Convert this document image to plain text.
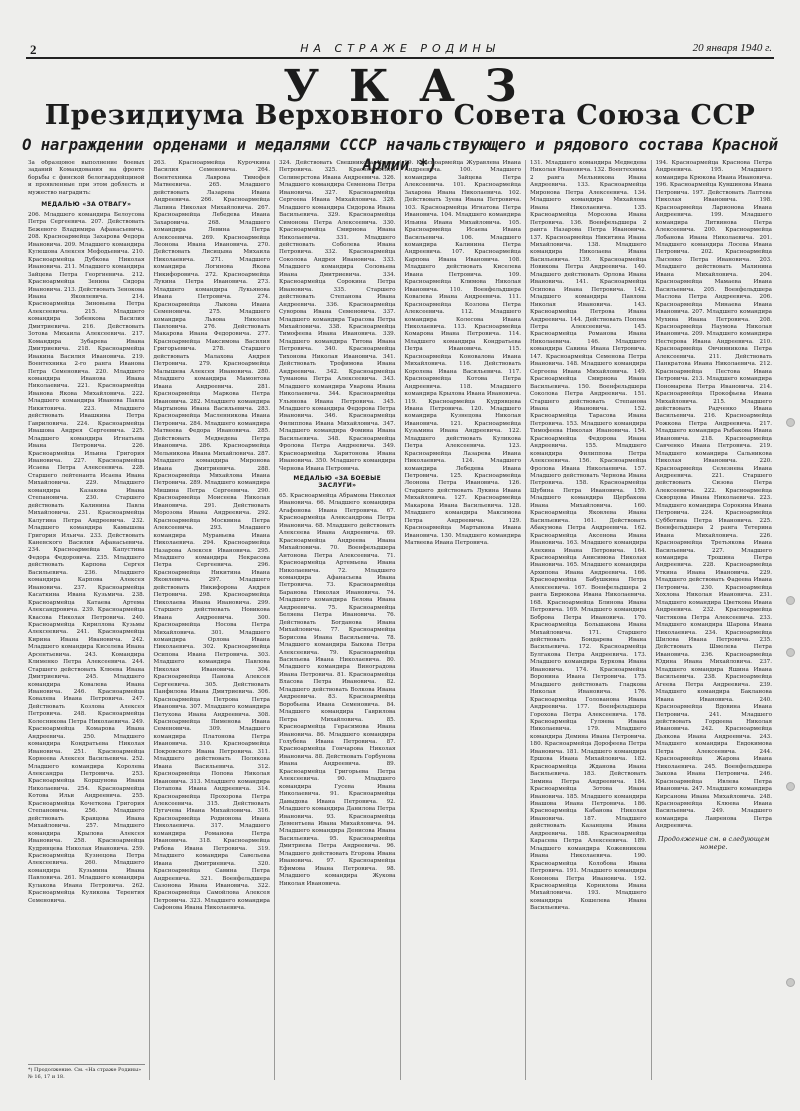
2	НА СТРАЖЕ РОДИНЫ	20 января 1940 г.
УКАЗ
Президиума Верховного Совета Союза ССР
О награждении орденами и медалями СССР начальствующего и рядового состава Красной Армии *)
За образцовое выполнение боевых заданий Командования на фронте борьбы с финской белогвардейщиной и проявленные при этом доблесть и мужество наградить:
МЕДАЛЬЮ «ЗА ОТВАГУ»
206. Младшего командира Белоусова Петра Сергеевича. 207. Действовать Бежевого Владимира Афанасьевича. 208. Красноармейца Захарова Федора Ивановича. 209. Младшего командира Кулешова Алексея Мефодьевича. 210. Красноармейца Дубкова Николая Ивановича. 211. Младшего командира Зайцева Петра Георгиевича. 212. Красноармейца Зенина Сидора Ивановича. 213. Действовать Зенокова Ивана Яковлевича. 214. Красноармейца Зиновьева Петра Алексеевича. 215. Младшего командира Зобенкова Василия Дмитриевича. 216. Действовать Зотова Михаила Алексеевича. 217. Командира Зубарева Ивана Дмитриевича. 218. Красноармейца Ивакина Василия Ивановича. 219. Воентехника 2-го ранга Иванова Петра Семеновича. 220. Младшего командира Иванова Ивана Николаевича. 221. Красноармейца Иванова Якова Михайловича. 222. Младшего командира Иванова Павла Никитовича. 223. Младшего действовать Ивашкина Петра Гавриловича. 224. Красноармейца Ивашова Андрея Сергеевича. 225. Младшего командира Игнатьева Ивана Петровича. 226. Красноармейца Ильина Григория Ивановича. 227. Красноармейца Исаева Петра Алексеевича. 228. Старшего лейтенанта Исаева Ивана Михайловича. 229. Младшего командира Казакова Ивана Степановича. 230. Старшего действовать Калинина Павла Михайловича. 231. Красноармейца Калугина Петра Андреевича. 232. Младшего командира Камышева Григория Ильича. 233. Действовать Каневского Василия Афанасьевича. 234. Красноармейца Капустина Федора Федоровича. 235. Младшего действовать Карпова Сергея Васильевича. 236. Младшего командира Карпова Алексея Ивановича. 237. Красноармейца Касаткина Ивана Кузьмича. 238. Красноармейца Катаева Артема Александровича. 239. Красноармейца Квасова Николая Петровича. 240. Красноармейца Кириллова Кузьмы Алексеевича. 241. Красноармейца Кирина Ивана Ивановича. 242. Младшего командира Киселева Ивана Арсентьевича. 243. Командира Клименко Петра Алексеевича. 244. Старшего действовать Клюева Ивана Дмитриевича. 245. Младшего командира Ковалева Ивана Ивановича. 246. Красноармейца Ковалева Ивана Петровича. 247. Действовать Козлова Алексея Петровича. 248. Красноармейца Колесникова Петра Николаевича. 249. Красноармейца Комарова Ивана Андреевича. 250. Младшего командира Кондратьева Николая Ивановича. 251. Красноармейца Корнеева Алексея Васильевича. 252. Младшего командира Королева Александра Петровича. 253. Красноармейца Коршунова Ивана Николаевича. 254. Красноармейца Котова Ильи Андреевича. 255. Красноармейца Кочеткова Григория Степановича. 256. Младшего действовать Кравцова Ивана Михайловича. 257. Младшего командира Крылова Алексея Ивановича. 258. Красноармейца Кудрявцева Николая Ивановича. 259. Красноармейца Кузнецова Петра Алексеевича. 260. Младшего командира Кузьмина Ивана Павловича. 261. Младшего командира Кулакова Ивана Петровича. 262. Красноармейца Куликова Терентия Семеновича.
*) Продолжение. См. «На страже Родины» № 16, 17 и 18.
263. Красноармейца Курочкина Василия Семеновича. 264. Воентехника Лаврова Тимофея Матвеевича. 265. Младшего действовать Лазарева Ивана Андреевича. 266. Красноармейца Лапина Николая Михайловича. 267. Красноармейца Лебедева Ивана Захаровича. 268. Младшего командира Левина Петра Алексеевича. 269. Красноармейца Леонова Ивана Ивановича. 270. Действовать Лисицына Михаила Николаевича. 271. Младшего командира Логинова Якова Никифоровича. 272. Красноармейца Лукина Петра Ивановича. 273. Младшего командира Лукьянова Ивана Петровича. 274. Красноармейца Лыкова Ивана Семеновича. 275. Младшего командира Львова Николая Павловича. 276. Действовать Макарова Ивана Федоровича. 277. Красноармейца Максимова Василия Григорьевича. 278. Старшего действовать Малахова Андрея Петровича. 279. Красноармейца Малышева Алексея Ивановича. 280. Младшего командира Мамонтова Ивана Андреевича. 281. Красноармейца Маркова Петра Ивановича. 282. Младшего командира Мартынова Ивана Васильевича. 283. Красноармейца Масленникова Ивана Петровича. 284. Младшего командира Матвеева Федора Ивановича. 285. Действовать Медведева Петра Ивановича. 286. Красноармейца Мельникова Ивана Михайловича. 287. Младшего командира Миронова Ивана Дмитриевича. 288. Красноармейца Михайлова Ивана Петровича. 289. Младшего командира Мишина Петра Сергеевича. 290. Красноармейца Моисеева Николая Ивановича. 291. Действовать Морозова Ивана Андреевича. 292. Красноармейца Москвина Петра Алексеевича. 293. Младшего командира Муравьева Ивана Николаевича. 294. Красноармейца Назарова Алексея Ивановича. 295. Младшего командира Некрасова Петра Сергеевича. 296. Красноармейца Никитина Ивана Яковлевича. 297. Младшего действовать Никифорова Андрея Петровича. 298. Красноармейца Николаева Ивана Ивановича. 299. Старшего действовать Новикова Ивана Андреевича. 300. Красноармейца Носова Петра Михайловича. 301. Младшего командира Орлова Ивана Николаевича. 302. Красноармейца Осипова Ивана Петровича. 303. Младшего командира Павлова Николая Ивановича. 304. Красноармейца Панова Алексея Сергеевича. 305. Действовать Панфилова Ивана Дмитриевича. 306. Красноармейца Петрова Петра Ивановича. 307. Младшего командира Петухова Ивана Андреевича. 308. Красноармейца Пименова Ивана Семеновича. 309. Младшего командира Платонова Петра Ивановича. 310. Красноармейца Покровского Ивана Петровича. 311. Младшего действовать Полякова Ивана Васильевича. 312. Красноармейца Попова Николая Ивановича. 313. Младшего командира Потапова Ивана Андреевича. 314. Красноармейца Прохорова Петра Алексеевича. 315. Действовать Пугачева Ивана Михайловича. 316. Красноармейца Родионова Ивана Николаевича. 317. Младшего командира Романова Петра Ивановича. 318. Красноармейца Рябова Ивана Петровича. 319. Младшего командира Савельева Ивана Дмитриевича. 320. Красноармейца Савина Петра Андреевича. 321. Военфельдшера Сазонова Ивана Ивановича. 322. Красноармейца Самойлова Алексея Петровича. 323. Младшего командира Сафонова Ивана Николаевича.
324. Действовать Свешникова Ивана Петровича. 325. Красноармейца Селиверстова Ивана Андреевича. 326. Младшего командира Семенова Петра Ивановича. 327. Красноармейца Сергеева Ивана Михайловича. 328. Младшего командира Сидорова Ивана Васильевича. 329. Красноармейца Симонова Петра Алексеевича. 330. Красноармейца Смирнова Ивана Николаевича. 331. Младшего действовать Соболева Ивана Петровича. 332. Красноармейца Соколова Андрея Ивановича. 333. Младшего командира Соловьева Ивана Дмитриевича. 334. Красноармейца Сорокина Петра Ивановича. 335. Старшего действовать Степанова Ивана Андреевича. 336. Красноармейца Суворова Ивана Семеновича. 337. Младшего командира Тарасова Петра Михайловича. 338. Красноармейца Тимофеева Ивана Ивановича. 339. Младшего командира Титова Ивана Петровича. 340. Красноармейца Тихонова Николая Ивановича. 341. Действовать Трофимова Ивана Андреевича. 342. Красноармейца Туманова Петра Алексеевича. 343. Младшего командира Уварова Ивана Николаевича. 344. Красноармейца Ульянова Ивана Петровича. 345. Младшего командира Федорова Петра Ивановича. 346. Красноармейца Филиппова Ивана Михайловича. 347. Младшего командира Фомина Ивана Васильевича. 348. Красноармейца Фролова Петра Андреевича. 349. Красноармейца Харитонова Ивана Ивановича. 350. Младшего командира Чернова Ивана Петровича.
МЕДАЛЬЮ «ЗА БОЕВЫЕ ЗАСЛУГИ»
65. Красноармейца Абрамова Николая Ивановича. 66. Младшего командира Агафонова Ивана Петровича. 67. Красноармейца Александрова Петра Ивановича. 68. Младшего действовать Алексеева Ивана Андреевича. 69. Красноармейца Андреева Ивана Михайловича. 70. Военфельдшера Антонова Петра Алексеевича. 71. Красноармейца Артемьева Ивана Николаевича. 72. Младшего командира Афанасьева Ивана Петровича. 73. Красноармейца Баранова Николая Ивановича. 74. Младшего командира Белова Ивана Андреевича. 75. Красноармейца Беляева Петра Ивановича. 76. Действовать Богданова Ивана Михайловича. 77. Красноармейца Борисова Ивана Васильевича. 78. Младшего командира Быкова Петра Алексеевича. 79. Красноармейца Васильева Ивана Николаевича. 80. Младшего командира Виноградова Ивана Петровича. 81. Красноармейца Власова Петра Ивановича. 82. Младшего действовать Волкова Ивана Андреевича. 83. Красноармейца Воробьева Ивана Семеновича. 84. Младшего командира Гаврилова Петра Михайловича. 85. Красноармейца Герасимова Ивана Ивановича. 86. Младшего командира Голубева Ивана Петровича. 87. Красноармейца Гончарова Николая Ивановича. 88. Действовать Горбунова Ивана Андреевича. 89. Красноармейца Григорьева Петра Алексеевича. 90. Младшего командира Гусева Ивана Николаевича. 91. Красноармейца Давыдова Ивана Петровича. 92. Младшего командира Данилова Петра Ивановича. 93. Красноармейца Дементьева Ивана Михайловича. 94. Младшего командира Денисова Ивана Васильевича. 95. Красноармейца Дмитриева Петра Андреевича. 96. Младшего действовать Егорова Ивана Ивановича. 97. Красноармейца Ефимова Ивана Петровича. 98. Младшего командира Жукова Николая Ивановича.
99. Красноармейца Журавлева Ивана Андреевича. 100. Младшего командира Зайцева Петра Алексеевича. 101. Красноармейца Захарова Ивана Николаевича. 102. Действовать Зуева Ивана Петровича. 103. Красноармейца Игнатова Петра Ивановича. 104. Младшего командира Ильина Ивана Михайловича. 105. Красноармейца Исаева Ивана Васильевича. 106. Младшего командира Калинина Петра Андреевича. 107. Красноармейца Карпова Ивана Ивановича. 108. Младшего действовать Киселева Ивана Петровича. 109. Красноармейца Климова Николая Ивановича. 110. Военфельдшера Ковалева Ивана Андреевича. 111. Красноармейца Козлова Петра Алексеевича. 112. Младшего командира Колесова Ивана Николаевича. 113. Красноармейца Комарова Ивана Петровича. 114. Младшего командира Кондратьева Петра Ивановича. 115. Красноармейца Коновалова Ивана Михайловича. 116. Действовать Королева Ивана Васильевича. 117. Красноармейца Котова Петра Андреевича. 118. Младшего командира Крылова Ивана Ивановича. 119. Красноармейца Кудрявцева Ивана Петровича. 120. Младшего командира Кузнецова Николая Ивановича. 121. Красноармейца Кузьмина Ивана Андреевича. 122. Младшего действовать Куликова Петра Алексеевича. 123. Красноармейца Лазарева Ивана Николаевича. 124. Младшего командира Лебедева Ивана Петровича. 125. Красноармейца Леонова Петра Ивановича. 126. Старшего действовать Лукина Ивана Михайловича. 127. Красноармейца Макарова Ивана Васильевича. 128. Младшего командира Максимова Петра Андреевича. 129. Красноармейца Мартынова Ивана Ивановича. 130. Младшего командира Матвеева Ивана Петровича.
131. Младшего командира Медведева Николая Ивановича. 132. Воентехника 2 ранга Мельникова Ивана Андреевича. 133. Красноармейца Миронова Петра Алексеевича. 134. Младшего командира Михайлова Ивана Николаевича. 135. Красноармейца Морозова Ивана Петровича. 136. Военфельдшера 2 ранга Назарова Петра Ивановича. 137. Красноармейца Никитина Ивана Михайловича. 138. Младшего командира Николаева Ивана Васильевича. 139. Красноармейца Новикова Петра Андреевича. 140. Младшего действовать Орлова Ивана Ивановича. 141. Красноармейца Осипова Ивана Петровича. 142. Младшего командира Павлова Николая Ивановича. 143. Красноармейца Петрова Ивана Андреевича. 144. Действовать Попова Петра Алексеевича. 145. Красноармейца Романова Ивана Николаевича. 146. Младшего командира Савина Ивана Петровича. 147. Красноармейца Семенова Петра Ивановича. 148. Младшего командира Сергеева Ивана Михайловича. 149. Красноармейца Смирнова Ивана Васильевича. 150. Военфельдшера Соколова Петра Андреевича. 151. Старшего действовать Степанова Ивана Ивановича. 152. Красноармейца Тарасова Ивана Петровича. 153. Младшего командира Тимофеева Николая Ивановича. 154. Красноармейца Федорова Ивана Андреевича. 155. Младшего командира Филиппова Петра Алексеевича. 156. Красноармейца Фролова Ивана Николаевича. 157. Младшего действовать Чернова Ивана Петровича. 158. Красноармейца Шубина Петра Ивановича. 159. Младшего командира Щербакова Ивана Михайловича. 160. Красноармейца Яковлева Ивана Васильевича. 161. Действовать Абакумова Петра Андреевича. 162. Красноармейца Аксенова Ивана Ивановича. 163. Младшего командира Алехина Ивана Петровича. 164. Красноармейца Анисимова Николая Ивановича. 165. Младшего командира Архипова Ивана Андреевича. 166. Красноармейца Бабушкина Петра Алексеевича. 167. Военфельдшера 2 ранга Бирюкова Ивана Николаевича. 168. Красноармейца Блинова Ивана Петровича. 169. Младшего командира Боброва Петра Ивановича. 170. Красноармейца Большакова Ивана Михайловича. 171. Старшего действовать Бондарева Ивана Васильевича. 172. Красноармейца Булгакова Петра Андреевича. 173. Младшего командира Буркова Ивана Ивановича. 174. Красноармейца Воронина Ивана Петровича. 175. Младшего действовать Гладкова Николая Ивановича. 176. Красноармейца Голованова Ивана Андреевича. 177. Военфельдшера Горохова Петра Алексеевича. 178. Красноармейца Гуляева Ивана Николаевича. 179. Младшего командира Демина Ивана Петровича. 180. Красноармейца Дорофеева Петра Ивановича. 181. Младшего командира Ершова Ивана Михайловича. 182. Красноармейца Жданова Ивана Васильевича. 183. Действовать Зимина Петра Андреевича. 184. Красноармейца Зотова Ивана Ивановича. 185. Младшего командира Ивашова Ивана Петровича. 186. Красноармейца Кабанова Николая Ивановича. 187. Младшего действовать Казанцева Ивана Андреевича. 188. Красноармейца Карасева Петра Алексеевича. 189. Младшего командира Кожевникова Ивана Николаевича. 190. Красноармейца Колобова Ивана Петровича. 191. Младшего командира Кононова Петра Ивановича. 192. Красноармейца Корнилова Ивана Михайловича. 193. Младшего командира Кошелева Ивана Васильевича.
194. Красноармейца Краснова Петра Андреевича. 195. Младшего командира Крюкова Ивана Ивановича. 196. Красноармейца Кувшинова Ивана Петровича. 197. Действовать Лаптева Николая Ивановича. 198. Красноармейца Ларионова Ивана Андреевича. 199. Младшего командира Литвинова Петра Алексеевича. 200. Красноармейца Лобанова Ивана Николаевича. 201. Младшего командира Лосева Ивана Петровича. 202. Красноармейца Лысенко Петра Ивановича. 203. Младшего действовать Малинина Ивана Михайловича. 204. Красноармейца Мамаева Ивана Васильевича. 205. Военфельдшера Маслова Петра Андреевича. 206. Красноармейца Минаева Ивана Ивановича. 207. Младшего командира Мухина Ивана Петровича. 208. Красноармейца Наумова Николая Ивановича. 209. Младшего командира Нестерова Ивана Андреевича. 210. Красноармейца Овчинникова Петра Алексеевича. 211. Действовать Панкратова Ивана Николаевича. 212. Красноармейца Пестова Ивана Петровича. 213. Младшего командира Пономарева Петра Ивановича. 214. Красноармейца Прокофьева Ивана Михайловича. 215. Младшего действовать Радченко Ивана Васильевича. 216. Красноармейца Рожкова Петра Андреевича. 217. Младшего командира Рыбакова Ивана Ивановича. 218. Красноармейца Савченко Ивана Петровича. 219. Младшего командира Сальникова Николая Ивановича. 220. Красноармейца Селезнева Ивана Андреевича. 221. Старшего действовать Сизова Петра Алексеевича. 222. Красноармейца Скворцова Ивана Николаевича. 223. Младшего командира Сорокина Ивана Петровича. 224. Красноармейца Субботина Петра Ивановича. 225. Военфельдшера 2 ранга Тетерина Ивана Михайловича. 226. Красноармейца Третьякова Ивана Васильевича. 227. Младшего командира Трошина Петра Андреевича. 228. Красноармейца Уткина Ивана Ивановича. 229. Младшего действовать Фадеева Ивана Петровича. 230. Красноармейца Хохлова Николая Ивановича. 231. Младшего командира Цветкова Ивана Андреевича. 232. Красноармейца Чистякова Петра Алексеевича. 233. Младшего командира Шарова Ивана Николаевича. 234. Красноармейца Шилова Ивана Петровича. 235. Действовать Шмелева Петра Ивановича. 236. Красноармейца Юдина Ивана Михайловича. 237. Младшего командира Яшина Ивана Васильевича. 238. Красноармейца Агеева Петра Андреевича. 239. Младшего командира Бакланова Ивана Ивановича. 240. Красноармейца Вдовина Ивана Петровича. 241. Младшего действовать Гордеева Николая Ивановича. 242. Красноармейца Дьякова Ивана Андреевича. 243. Младшего командира Евдокимова Петра Алексеевича. 244. Красноармейца Жарова Ивана Николаевича. 245. Военфельдшера Зыкова Ивана Петровича. 246. Красноармейца Ивлева Петра Ивановича. 247. Младшего командира Кирсанова Ивана Михайловича. 248. Красноармейца Клюева Ивана Васильевича. 249. Младшего командира Лавренова Петра Андреевича.
Продолжение см. в следующем номере.
